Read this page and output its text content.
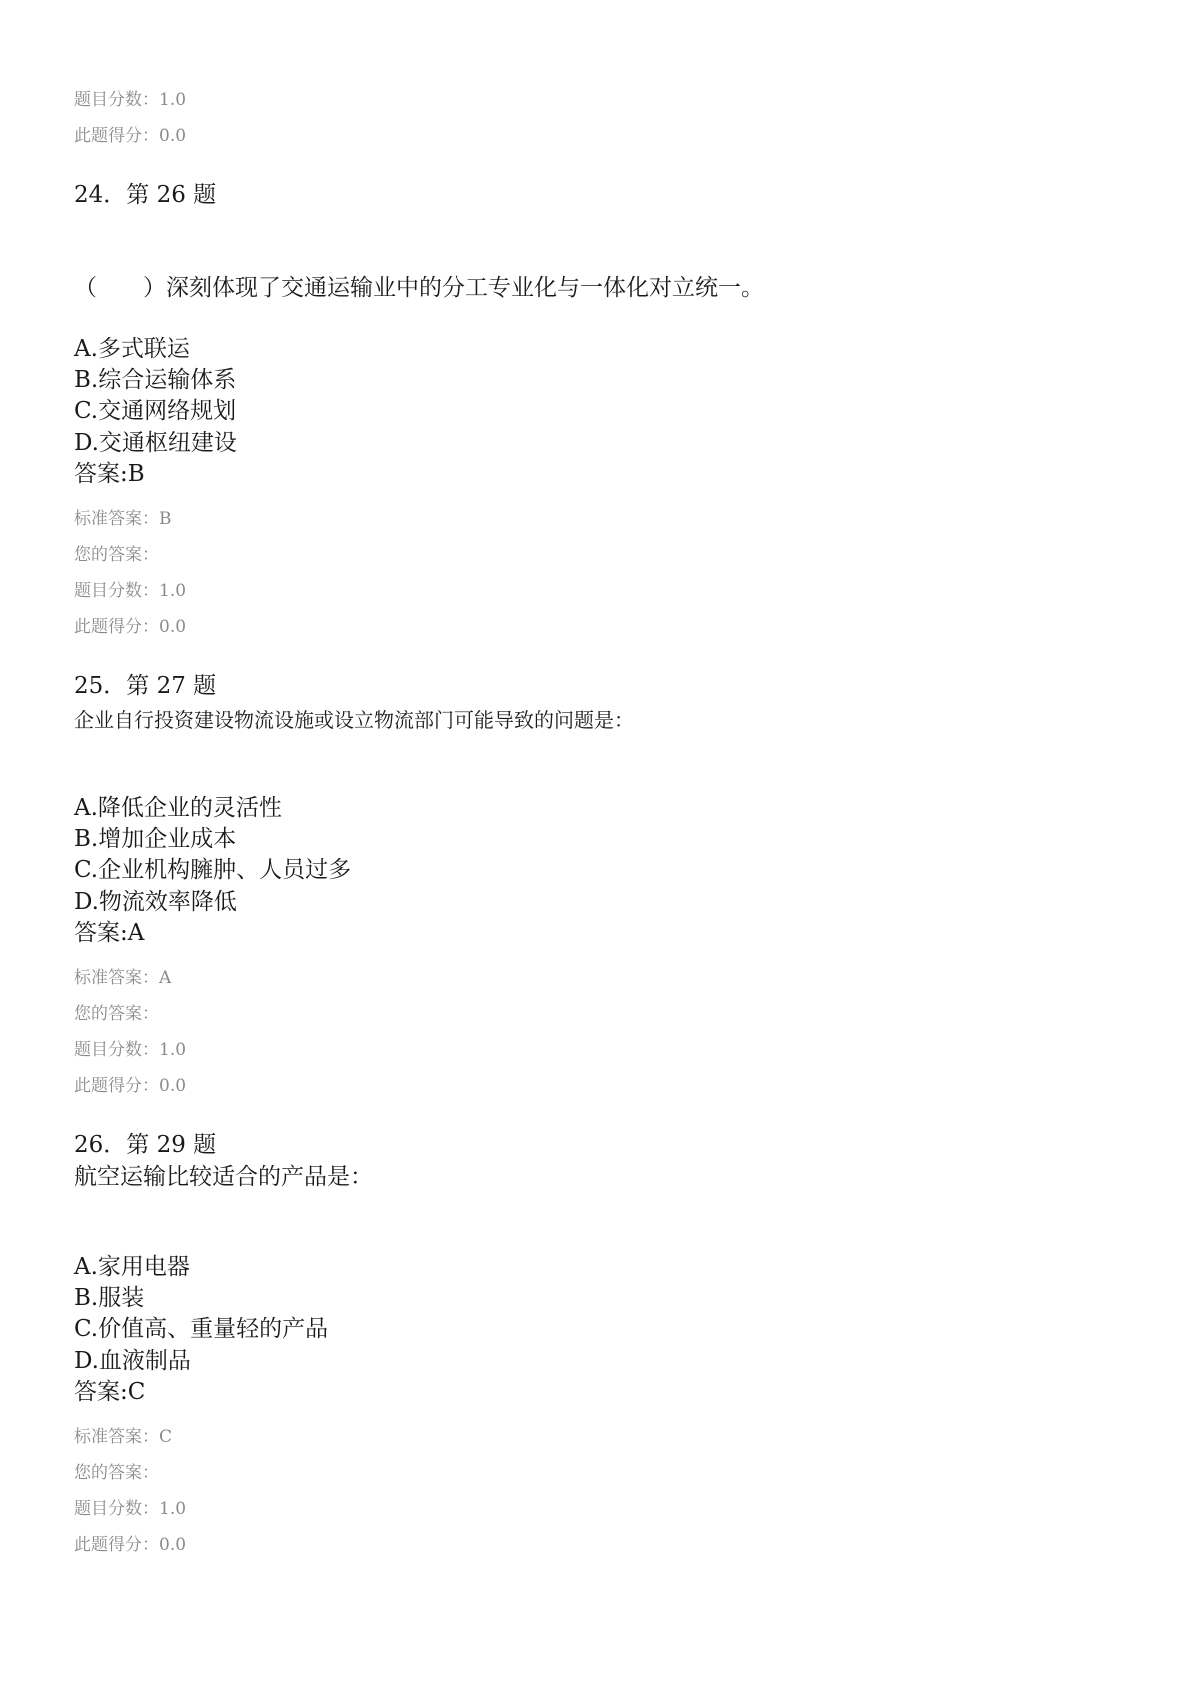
题目分数：1.0
此题得分：0.0
24．第 26 题
（　　）深刻体现了交通运输业中的分工专业化与一体化对立统一。
A.多式联运
B.综合运输体系
C.交通网络规划
D.交通枢纽建设
答案:B
标准答案：B
您的答案：
题目分数：1.0
此题得分：0.0
25．第 27 题
企业自行投资建设物流设施或设立物流部门可能导致的问题是：
A.降低企业的灵活性
B.增加企业成本
C.企业机构臃肿、人员过多
D.物流效率降低
答案:A
标准答案：A
您的答案：
题目分数：1.0
此题得分：0.0
26．第 29 题
航空运输比较适合的产品是：
A.家用电器
B.服装
C.价值高、重量轻的产品
D.血液制品
答案:C
标准答案：C
您的答案：
题目分数：1.0
此题得分：0.0
